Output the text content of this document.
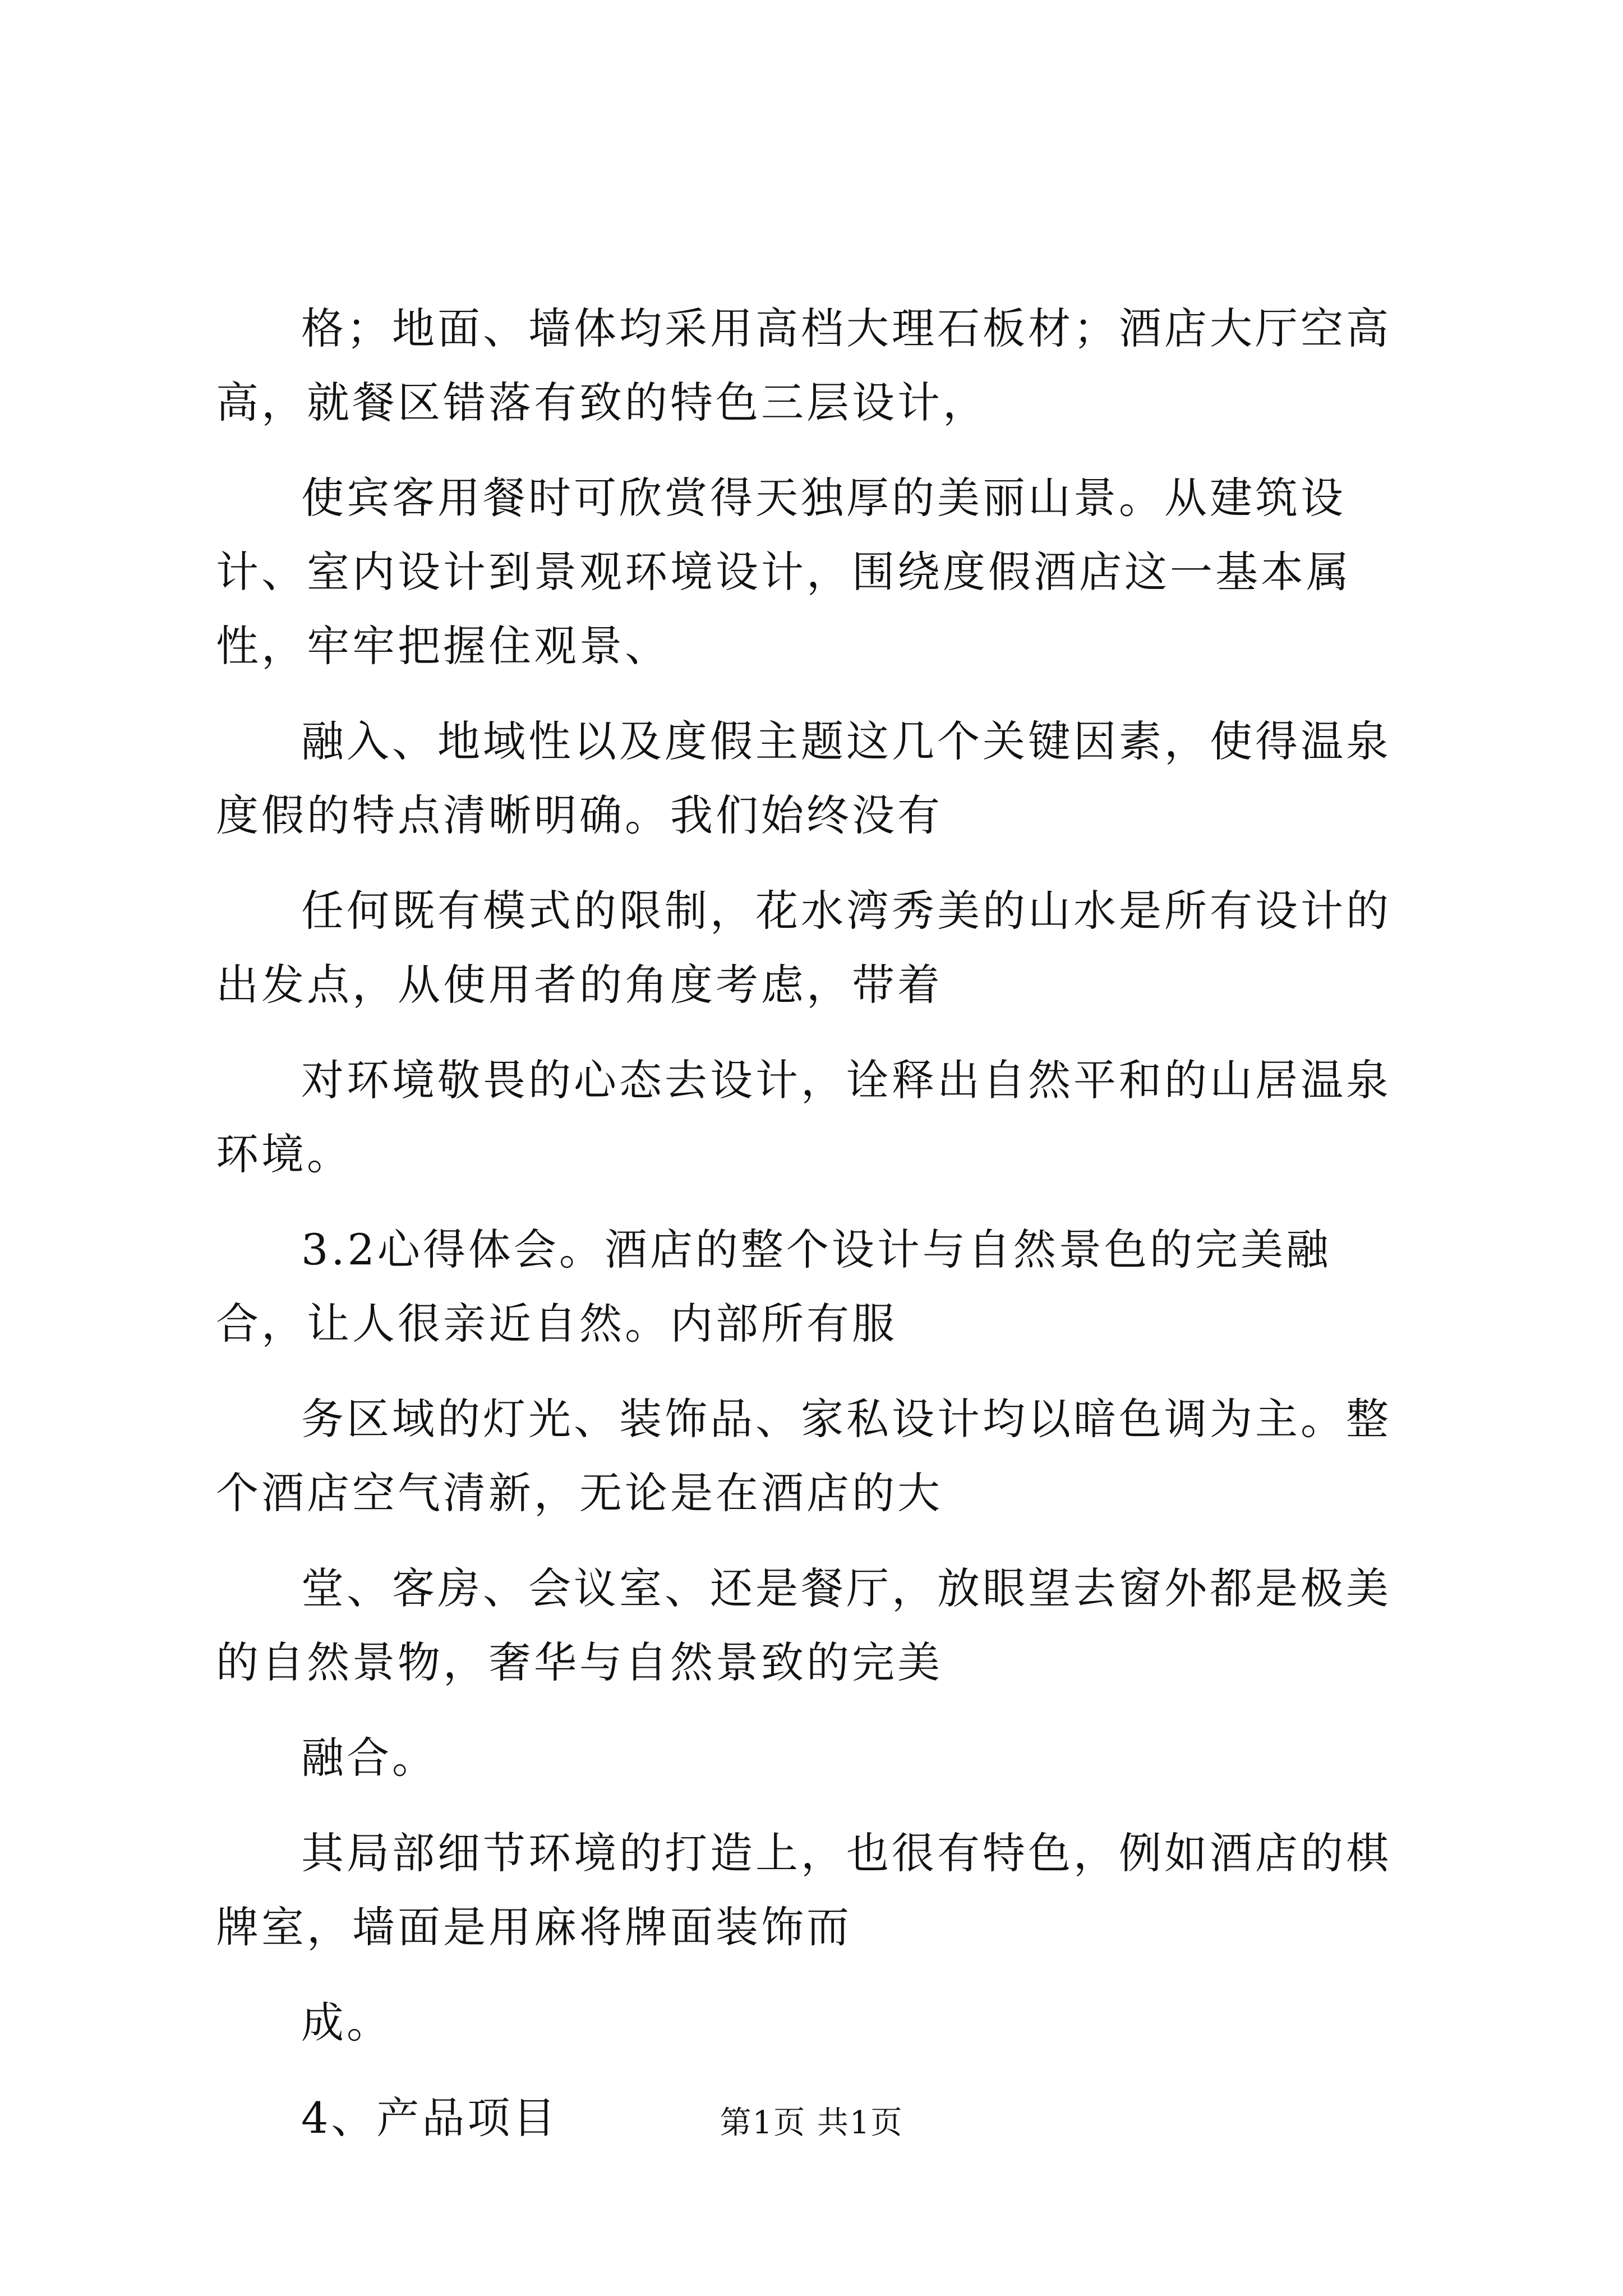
格；地面、墙体均采用高档大理石板材；酒店大厅空高高，就餐区错落有致的特色三层设计，

使宾客用餐时可欣赏得天独厚的美丽山景。从建筑设计、室内设计到景观环境设计，围绕度假酒店这一基本属性，牢牢把握住观景、

融入、地域性以及度假主题这几个关键因素，使得温泉度假的特点清晰明确。我们始终没有

任何既有模式的限制，花水湾秀美的山水是所有设计的出发点，从使用者的角度考虑，带着

对环境敬畏的心态去设计，诠释出自然平和的山居温泉环境。

3.2心得体会。酒店的整个设计与自然景色的完美融合，让人很亲近自然。内部所有服

务区域的灯光、装饰品、家私设计均以暗色调为主。整个酒店空气清新，无论是在酒店的大

堂、客房、会议室、还是餐厅，放眼望去窗外都是极美的自然景物，奢华与自然景致的完美

融合。

其局部细节环境的打造上，也很有特色，例如酒店的棋牌室，墙面是用麻将牌面装饰而

成。

4、产品项目	第1页 共1页
